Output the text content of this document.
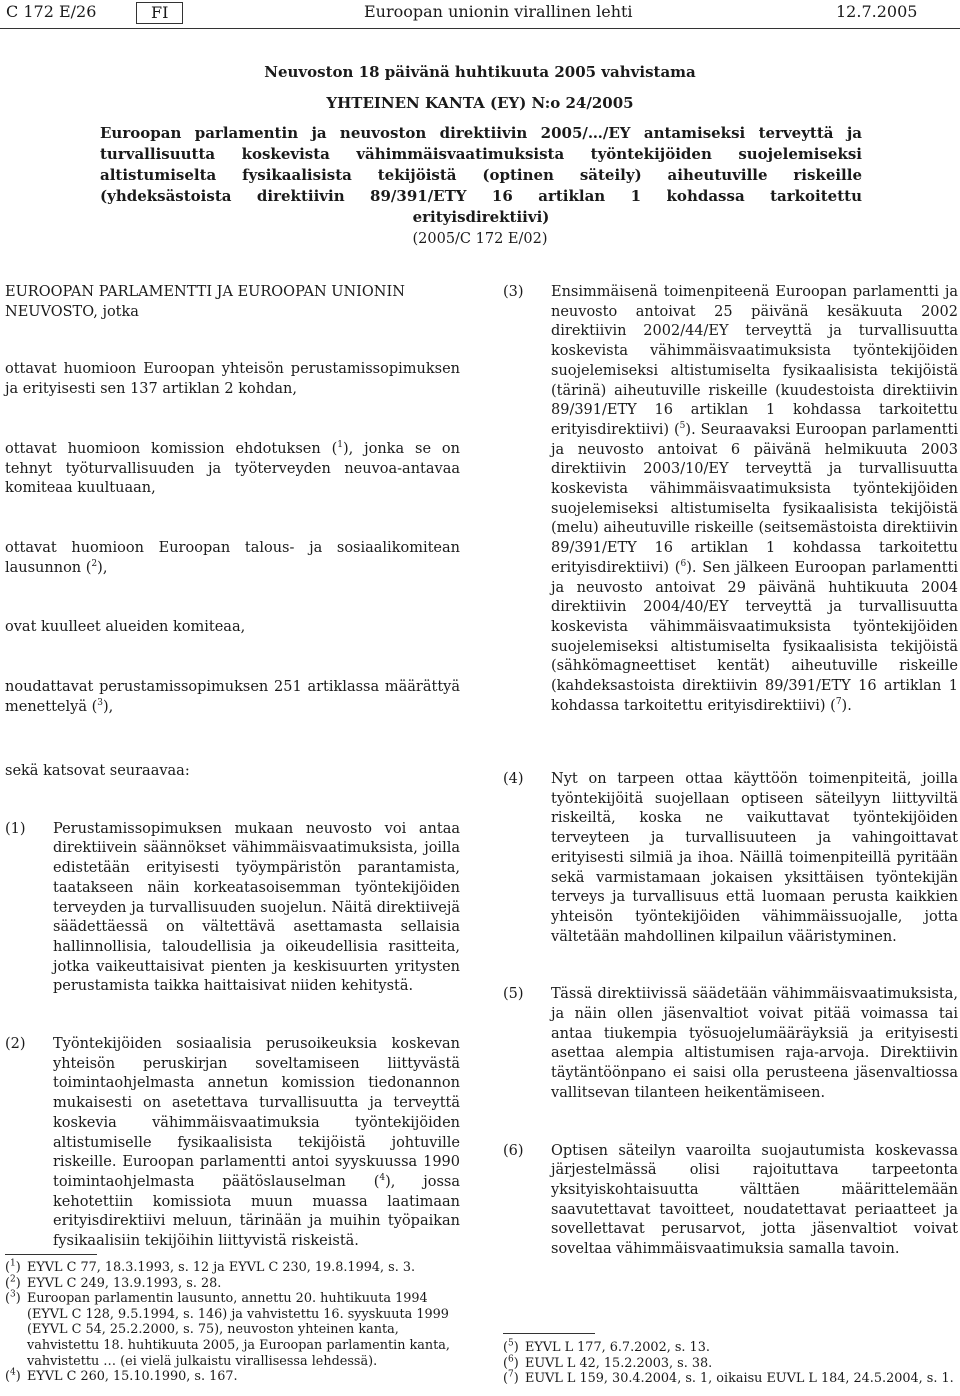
C 172 E/26	FI	Euroopan unionin virallinen lehti	12.7.2005
Neuvoston 18 päivänä huhtikuuta 2005 vahvistama
YHTEINEN KANTA (EY) N:o 24/2005
Euroopan parlamentin ja neuvoston direktiivin 2005/…/EY antamiseksi terveyttä ja turvallisuutta koskevista vähimmäisvaatimuksista työntekijöiden suojelemiseksi altistumiselta fysikaalisista tekijöistä (optinen säteily) aiheutuville riskeille (yhdeksästoista direktiivin 89/391/ETY 16 artiklan 1 kohdassa tarkoitettu erityisdirektiivi)
(2005/C 172 E/02)

EUROOPAN PARLAMENTTI JA EUROOPAN UNIONIN NEUVOSTO, jotka

ottavat huomioon Euroopan yhteisön perustamissopimuksen ja erityisesti sen 137 artiklan 2 kohdan,

ottavat huomioon komission ehdotuksen ($^1$), jonka se on tehnyt työturvallisuuden ja työterveyden neuvoa-antavaa komiteaa kuultuaan,

ottavat huomioon Euroopan talous- ja sosiaalikomitean lausunnon ($^2$),

ovat kuulleet alueiden komiteaa,

noudattavat perustamissopimuksen 251 artiklassa määrättyä menettelyä ($^3$),

(3)	Ensimmäisenä toimenpiteenä Euroopan parlamentti ja neuvosto antoivat 25 päivänä kesäkuuta 2002 direktiivin 2002/44/EY terveyttä ja turvallisuutta koskevista vähimmäisvaatimuksista työntekijöiden suojelemiseksi altistumiselta fysikaalisista tekijöistä (tärinä) aiheutuville riskeille (kuudestoista direktiivin 89/391/ETY 16 artiklan 1 kohdassa tarkoitettu erityisdirektiivi) ($^5$). Seuraavaksi Euroopan parlamentti ja neuvosto antoivat 6 päivänä helmikuuta 2003 direktiivin 2003/10/EY terveyttä ja turvallisuutta koskevista vähimmäisvaatimuksista työntekijöiden suojelemiseksi altistumiselta fysikaalisista tekijöistä (melu) aiheutuville riskeille (seitsemästoista direktiivin 89/391/ETY 16 artiklan 1 kohdassa tarkoitettu erityisdirektiivi) ($^6$). Sen jälkeen Euroopan parlamentti ja neuvosto antoivat 29 päivänä huhtikuuta 2004 direktiivin 2004/40/EY terveyttä ja turvallisuutta koskevista vähimmäisvaatimuksista työntekijöiden suojelemiseksi altistumiselta fysikaalisista tekijöistä (sähkömagneettiset kentät) aiheutuville riskeille (kahdeksastoista direktiivin 89/391/ETY 16 artiklan 1 kohdassa tarkoitettu erityisdirektiivi) ($^7$).

sekä katsovat seuraavaa:

(1)	Perustamissopimuksen mukaan neuvosto voi antaa direktiivein säännökset vähimmäisvaatimuksista, joilla edistetään erityisesti työympäristön parantamista, taatakseen näin korkeatasoisemman työntekijöiden terveyden ja turvallisuuden suojelun. Näitä direktiivejä säädettäessä on vältettävä asettamasta sellaisia hallinnollisia, taloudellisia ja oikeudellisia rasitteita, jotka vaikeuttaisivat pienten ja keskisuurten yritysten perustamista taikka haittaisivat niiden kehitystä.
(2)	Työntekijöiden sosiaalisia perusoikeuksia koskevan yhteisön peruskirjan soveltamiseen liittyvästä toimintaohjelmasta annetun komission tiedonannon mukaisesti on asetettava turvallisuutta ja terveyttä koskevia vähimmäisvaatimuksia työntekijöiden altistumiselle fysikaalisista tekijöistä johtuville riskeille. Euroopan parlamentti antoi syyskuussa 1990 toimintaohjelmasta päätöslauselman ($^4$), jossa kehotettiin komissiota muun muassa laatimaan erityisdirektiivi meluun, tärinään ja muihin työpaikan fysikaalisiin tekijöihin liittyvistä riskeistä.
(4)	Nyt on tarpeen ottaa käyttöön toimenpiteitä, joilla työntekijöitä suojellaan optiseen säteilyyn liittyviltä riskeiltä, koska ne vaikuttavat työntekijöiden terveyteen ja turvallisuuteen ja vahingoittavat erityisesti silmiä ja ihoa. Näillä toimenpiteillä pyritään sekä varmistamaan jokaisen yksittäisen työntekijän terveys ja turvallisuus että luomaan perusta kaikkien yhteisön työntekijöiden vähimmäissuojalle, jotta vältetään mahdollinen kilpailun vääristyminen.
(5)	Tässä direktiivissä säädetään vähimmäisvaatimuksista, ja näin ollen jäsenvaltiot voivat pitää voimassa tai antaa tiukempia työsuojelumääräyksiä ja erityisesti asettaa alempia altistumisen raja-arvoja. Direktiivin täytäntöönpano ei saisi olla perusteena jäsenvaltiossa vallitsevan tilanteen heikentämiseen.
(6)	Optisen säteilyn vaaroilta suojautumista koskevassa järjestelmässä olisi rajoituttava tarpeetonta yksityiskohtaisuutta välttäen määrittelemään saavutettavat tavoitteet, noudatettavat periaatteet ja sovellettavat perusarvot, jotta jäsenvaltiot voivat soveltaa vähimmäisvaatimuksia samalla tavoin.
($^1$) EYVL C 77, 18.3.1993, s. 12 ja EYVL C 230, 19.8.1994, s. 3.
($^2$) EYVL C 249, 13.9.1993, s. 28.
($^3$) Euroopan parlamentin lausunto, annettu 20. huhtikuuta 1994 (EYVL C 128, 9.5.1994, s. 146) ja vahvistettu 16. syyskuuta 1999 (EYVL C 54, 25.2.2000, s. 75), neuvoston yhteinen kanta, vahvistettu 18. huhtikuuta 2005, ja Euroopan parlamentin kanta, vahvistettu … (ei vielä julkaistu virallisessa lehdessä).
($^4$) EYVL C 260, 15.10.1990, s. 167.
($^5$) EYVL L 177, 6.7.2002, s. 13.
($^6$) EUVL L 42, 15.2.2003, s. 38.
($^7$) EUVL L 159, 30.4.2004, s. 1, oikaisu EUVL L 184, 24.5.2004, s. 1.
